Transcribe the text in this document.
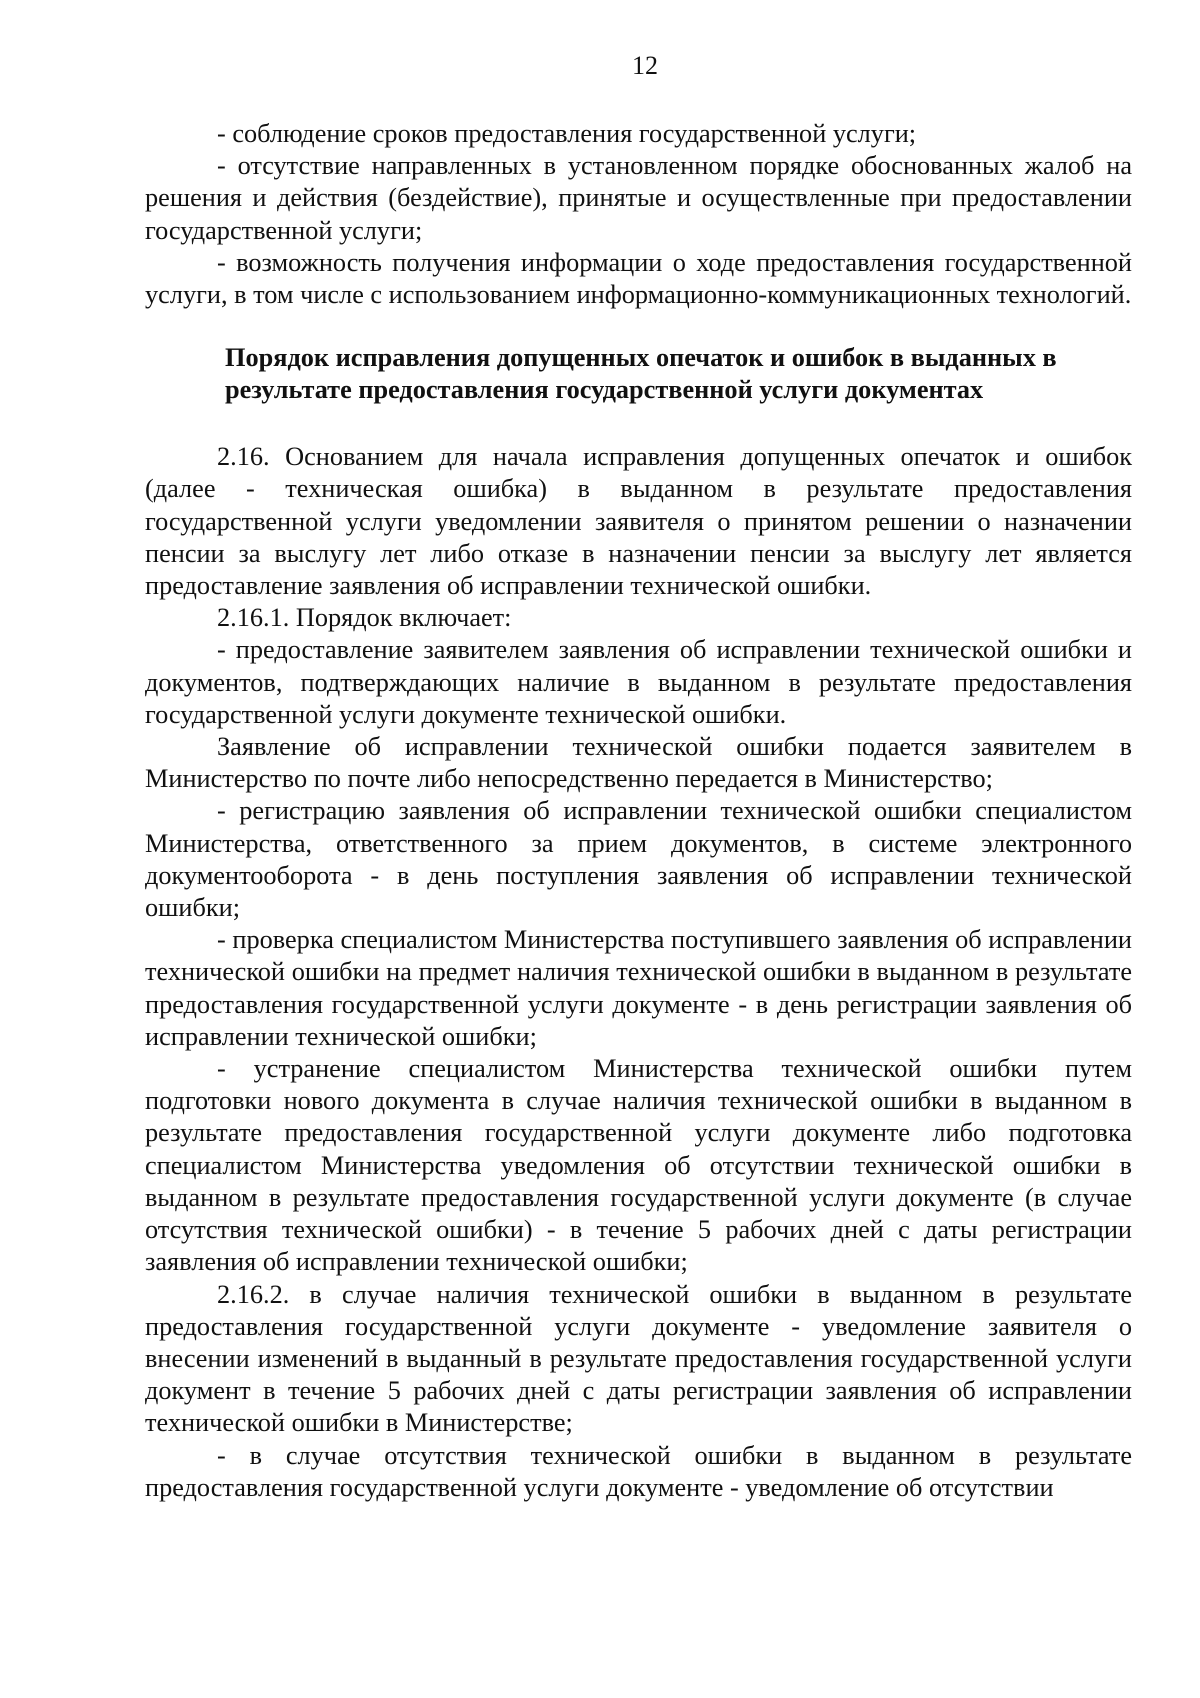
12

- соблюдение сроков предоставления государственной услуги;

- отсутствие направленных в установленном порядке обоснованных жалоб на решения и действия (бездействие), принятые и осуществленные при предоставлении государственной услуги;

- возможность получения информации о ходе предоставления государственной услуги, в том числе с использованием информационно-коммуникационных технологий.

Порядок исправления допущенных опечаток и ошибок в выданных в
результате предоставления государственной услуги документах

2.16. Основанием для начала исправления допущенных опечаток и ошибок (далее - техническая ошибка) в выданном в результате предоставления государственной услуги уведомлении заявителя о принятом решении о назначении пенсии за выслугу лет либо отказе в назначении пенсии за выслугу лет является предоставление заявления об исправлении технической ошибки.

2.16.1. Порядок включает:

- предоставление заявителем заявления об исправлении технической ошибки и документов, подтверждающих наличие в выданном в результате предоставления государственной услуги документе технической ошибки.

Заявление об исправлении технической ошибки подается заявителем в Министерство по почте либо непосредственно передается в Министерство;

- регистрацию заявления об исправлении технической ошибки специалистом Министерства, ответственного за прием документов, в системе электронного документооборота - в день поступления заявления об исправлении технической ошибки;

- проверка специалистом Министерства поступившего заявления об исправлении технической ошибки на предмет наличия технической ошибки в выданном в результате предоставления государственной услуги документе - в день регистрации заявления об исправлении технической ошибки;

- устранение специалистом Министерства технической ошибки путем подготовки нового документа в случае наличия технической ошибки в выданном в результате предоставления государственной услуги документе либо подготовка специалистом Министерства уведомления об отсутствии технической ошибки в выданном в результате предоставления государственной услуги документе (в случае отсутствия технической ошибки) - в течение 5 рабочих дней с даты регистрации заявления об исправлении технической ошибки;

2.16.2. в случае наличия технической ошибки в выданном в результате предоставления государственной услуги документе - уведомление заявителя о внесении изменений в выданный в результате предоставления государственной услуги документ в течение 5 рабочих дней с даты регистрации заявления об исправлении технической ошибки в Министерстве;

- в случае отсутствия технической ошибки в выданном в результате предоставления государственной услуги документе - уведомление об отсутствии
